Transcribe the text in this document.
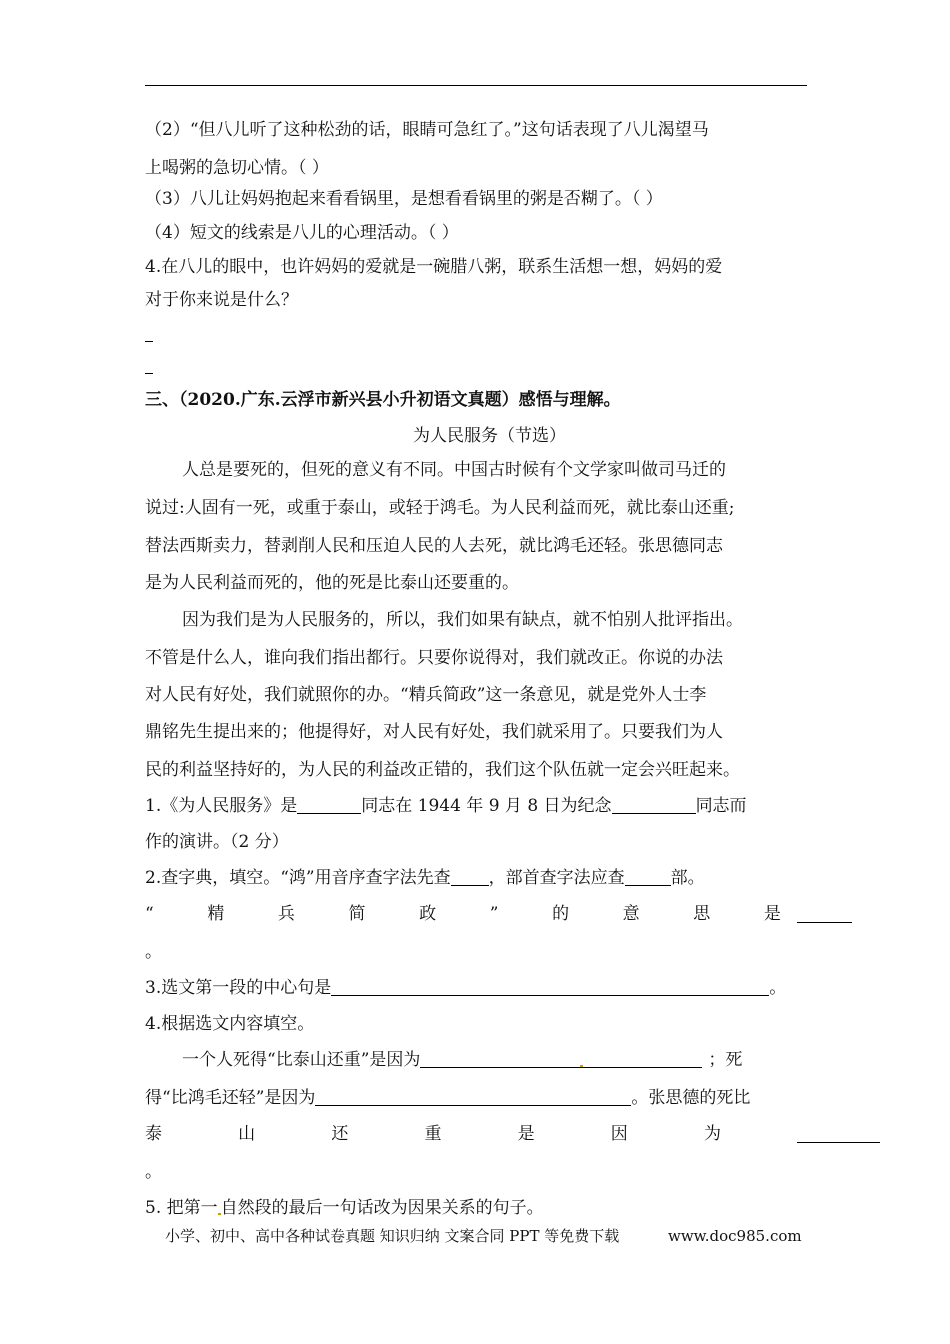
（2）“但八儿听了这种松劲的话，眼睛可急红了。”这句话表现了八儿渴望马
上喝粥的急切心情。（ ）
（3）八儿让妈妈抱起来看看锅里，是想看看锅里的粥是否糊了。（ ）
（4）短文的线索是八儿的心理活动。（ ）
4.在八儿的眼中，也许妈妈的爱就是一碗腊八粥，联系生活想一想，妈妈的爱
对于你来说是什么？
三、（2020.广东.云浮市新兴县小升初语文真题）感悟与理解。
为人民服务（节选）
人总是要死的，但死的意义有不同。中国古时候有个文学家叫做司马迁的
说过:人固有一死，或重于泰山，或轻于鸿毛。为人民利益而死，就比泰山还重;
替法西斯卖力，替剥削人民和压迫人民的人去死，就比鸿毛还轻。张思德同志
是为人民利益而死的，他的死是比泰山还要重的。
因为我们是为人民服务的，所以，我们如果有缺点，就不怕别人批评指出。
不管是什么人，谁向我们指出都行。只要你说得对，我们就改正。你说的办法
对人民有好处，我们就照你的办。“精兵简政”这一条意见，就是党外人士李
鼎铭先生提出来的；他提得好，对人民有好处，我们就采用了。只要我们为人
民的利益坚持好的，为人民的利益改正错的，我们这个队伍就一定会兴旺起来。
1.《为人民服务》是	同志在 1944 年 9 月 8 日为纪念	同志而
作的演讲。（2 分）
2.查字典，填空。“鸿”用音序查字法先查 ，部首查字法应查	部。
“	精	兵	简	政	”	的	意	思	是
。
3.选文第一段的中心句是	。
4.根据选文内容填空。
一个人死得“比泰山还重”是因为	；死
得“比鸿毛还轻”是因为	。张思德的死比
泰	山	还	重	是	因	为
。
5. 把第一 自然段的最后一句话改为因果关系的句子。
小学、初中、高中各种试卷真题 知识归纳 文案合同 PPT 等免费下载	www.doc985.com
